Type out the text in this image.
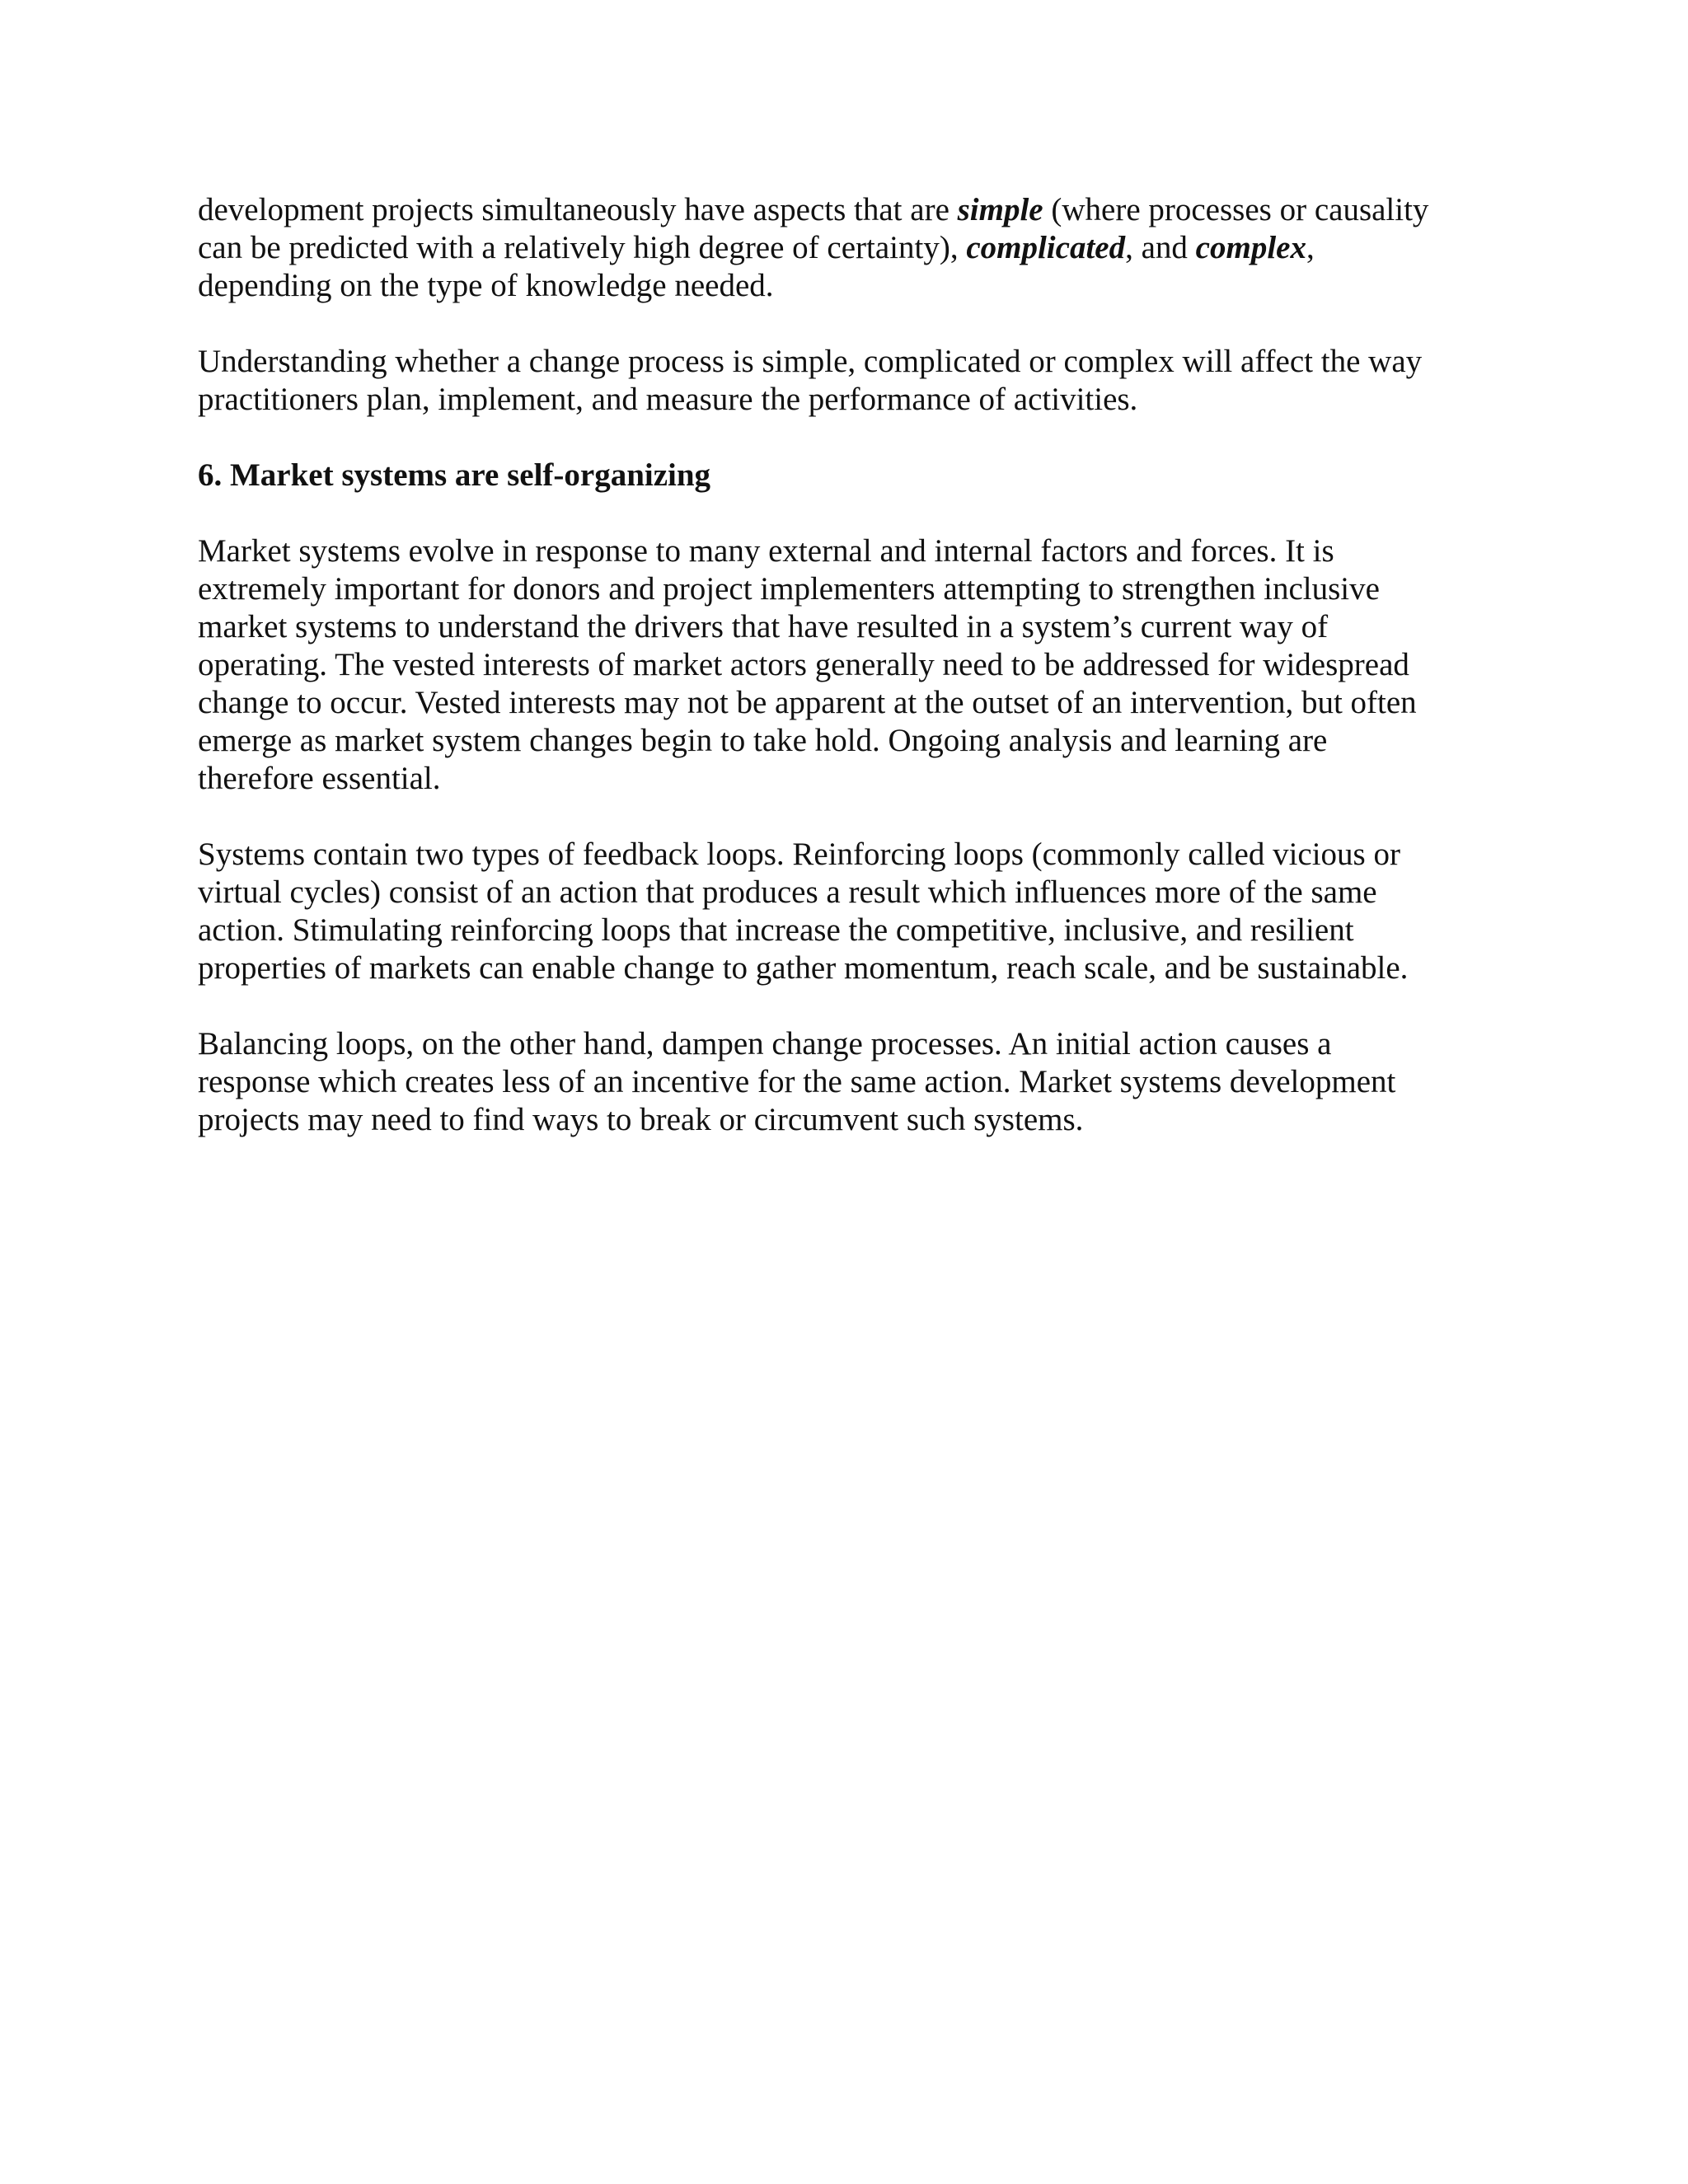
development projects simultaneously have aspects that are simple (where processes or causality
can be predicted with a relatively high degree of certainty), complicated, and complex,
depending on the type of knowledge needed.
Understanding whether a change process is simple, complicated or complex will affect the way
practitioners plan, implement, and measure the performance of activities.
6. Market systems are self-organizing
Market systems evolve in response to many external and internal factors and forces. It is
extremely important for donors and project implementers attempting to strengthen inclusive
market systems to understand the drivers that have resulted in a system’s current way of
operating. The vested interests of market actors generally need to be addressed for widespread
change to occur. Vested interests may not be apparent at the outset of an intervention, but often
emerge as market system changes begin to take hold. Ongoing analysis and learning are
therefore essential.
Systems contain two types of feedback loops. Reinforcing loops (commonly called vicious or
virtual cycles) consist of an action that produces a result which influences more of the same
action. Stimulating reinforcing loops that increase the competitive, inclusive, and resilient
properties of markets can enable change to gather momentum, reach scale, and be sustainable.
Balancing loops, on the other hand, dampen change processes. An initial action causes a
response which creates less of an incentive for the same action. Market systems development
projects may need to find ways to break or circumvent such systems.
